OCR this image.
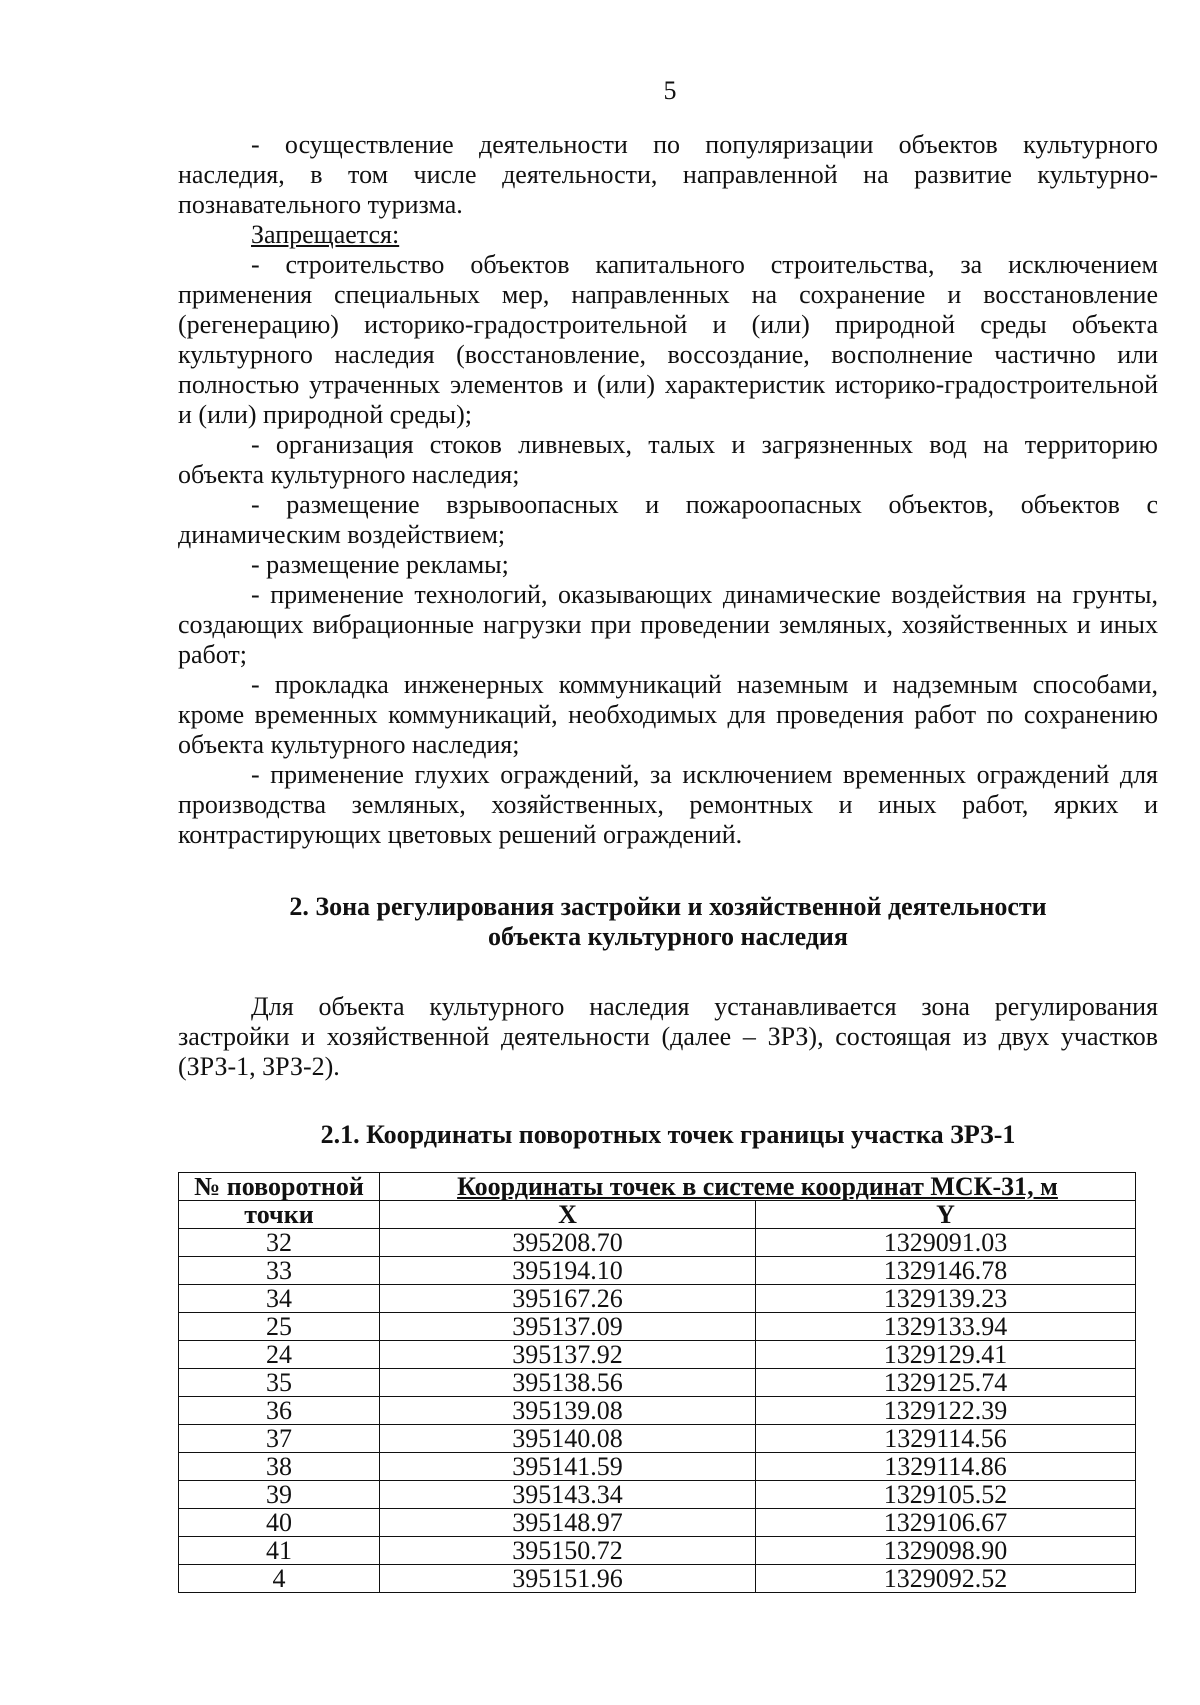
5

- осуществление деятельности по популяризации объектов культурного наследия, в том числе деятельности, направленной на развитие культурно-познавательного туризма.

Запрещается:

- строительство объектов капитального строительства, за исключением применения специальных мер, направленных на сохранение и восстановление (регенерацию) историко-градостроительной и (или) природной среды объекта культурного наследия (восстановление, воссоздание, восполнение частично или полностью утраченных элементов и (или) характеристик историко-градостроительной и (или) природной среды);

- организация стоков ливневых, талых и загрязненных вод на территорию объекта культурного наследия;

- размещение взрывоопасных и пожароопасных объектов, объектов с динамическим воздействием;

- размещение рекламы;

- применение технологий, оказывающих динамические воздействия на грунты, создающих вибрационные нагрузки при проведении земляных, хозяйственных и иных работ;

- прокладка инженерных коммуникаций наземным и надземным способами, кроме временных коммуникаций, необходимых для проведения работ по сохранению объекта культурного наследия;

- применение глухих ограждений, за исключением временных ограждений для производства земляных, хозяйственных, ремонтных и иных работ, ярких и контрастирующих цветовых решений ограждений.

2. Зона регулирования застройки и хозяйственной деятельности
объекта культурного наследия

Для объекта культурного наследия устанавливается зона регулирования застройки и хозяйственной деятельности (далее – ЗРЗ), состоящая из двух участков (ЗРЗ-1, ЗРЗ-2).

2.1. Координаты поворотных точек границы участка ЗРЗ-1
№ поворотной	Координаты точек в системе координат МСК-31, м	
точки	X	Y
32	395208.70	1329091.03
33	395194.10	1329146.78
34	395167.26	1329139.23
25	395137.09	1329133.94
24	395137.92	1329129.41
35	395138.56	1329125.74
36	395139.08	1329122.39
37	395140.08	1329114.56
38	395141.59	1329114.86
39	395143.34	1329105.52
40	395148.97	1329106.67
41	395150.72	1329098.90
4	395151.96	1329092.52
